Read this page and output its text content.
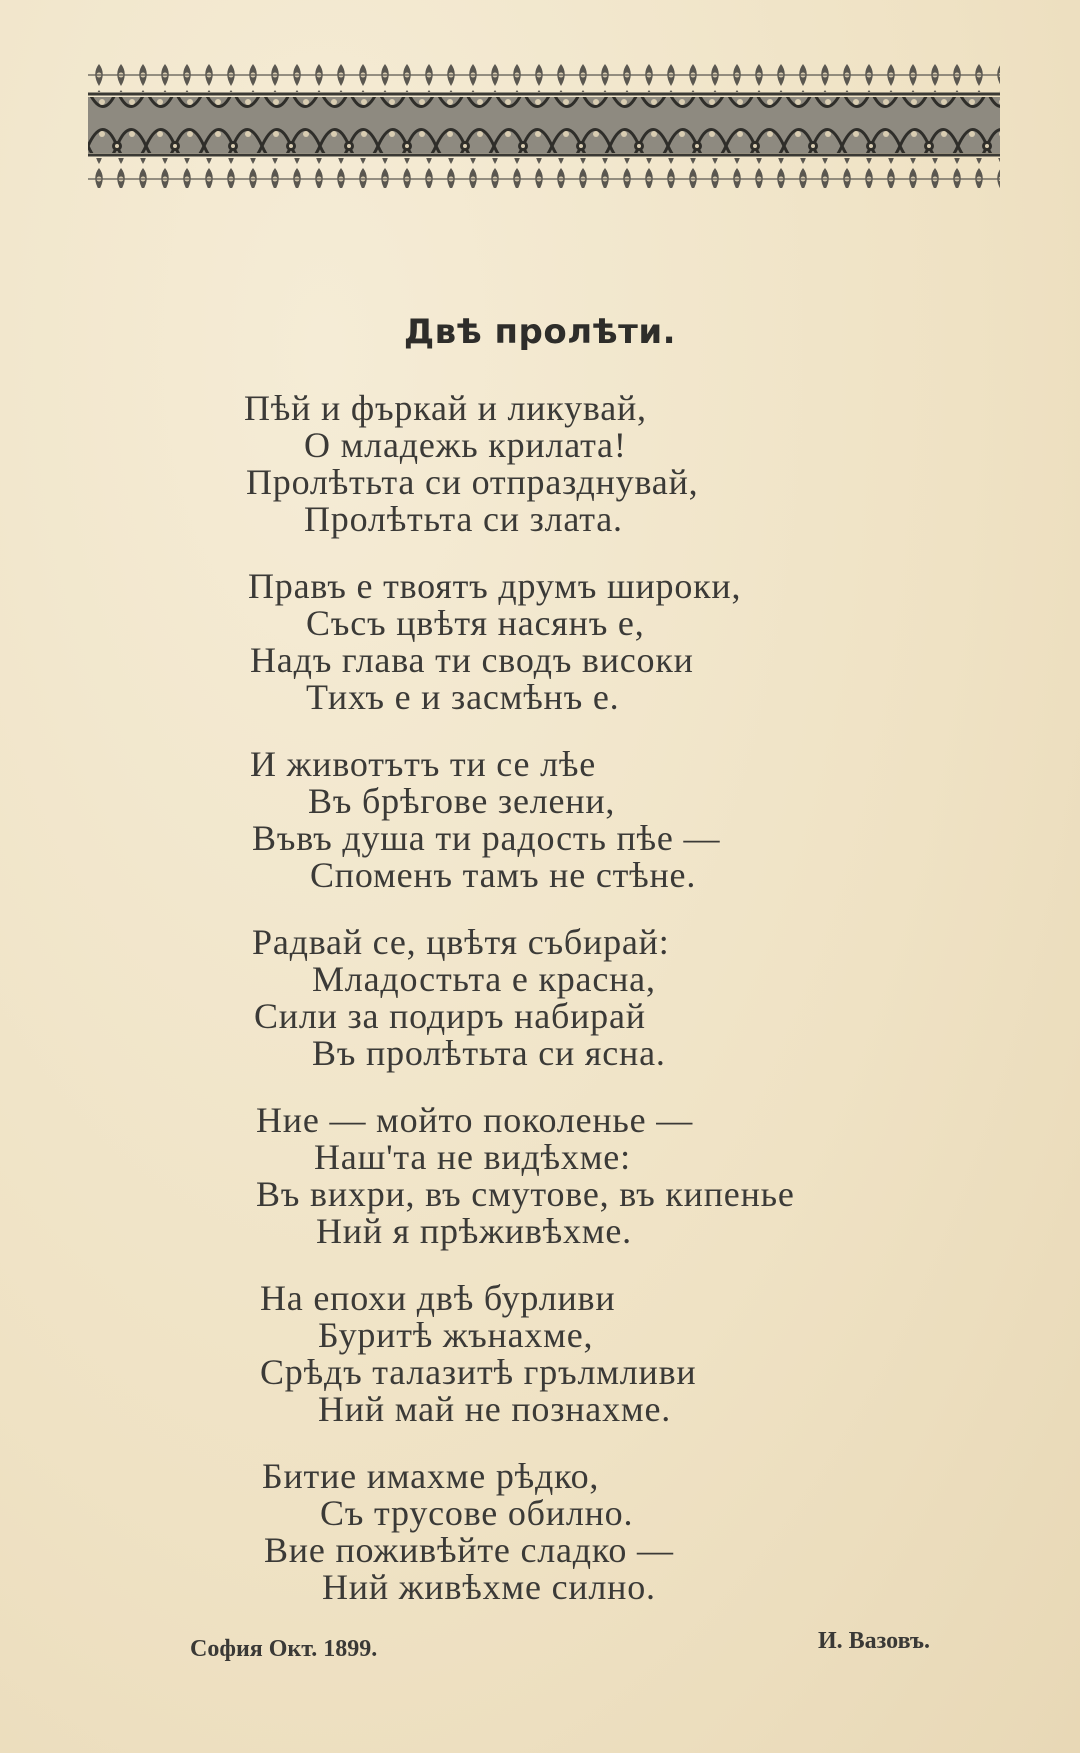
Двѣ пролѣти.
Пѣй и фъркай и ликувай,
О младежь крилата!
Пролѣтьта си отпразднувай,
Пролѣтьта си злата.
Правъ е твоятъ друмъ широки,
Съсъ цвѣтя насянъ е,
Надъ глава ти сводъ високи
Тихъ е и засмѣнъ е.
И животътъ ти се лѣе
Въ брѣгове зелени,
Въвъ душа ти радость пѣе —
Споменъ тамъ не стѣне.
Радвай се, цвѣтя събирай:
Младостьта е красна,
Сили за подиръ набирай
Въ пролѣтьта си ясна.
Ние — мойто поколенье —
Наш'та не видѣхме:
Въ вихри, въ смутове, въ кипенье
Ний я прѣживѣхме.
На епохи двѣ бурливи
Буритѣ жънахме,
Срѣдъ талазитѣ грълмливи
Ний май не познахме.
Битие имахме рѣдко,
Съ трусове обилно.
Вие поживѣйте сладко —
Ний живѣхме силно.
София Окт. 1899.	И. Вазовъ.
